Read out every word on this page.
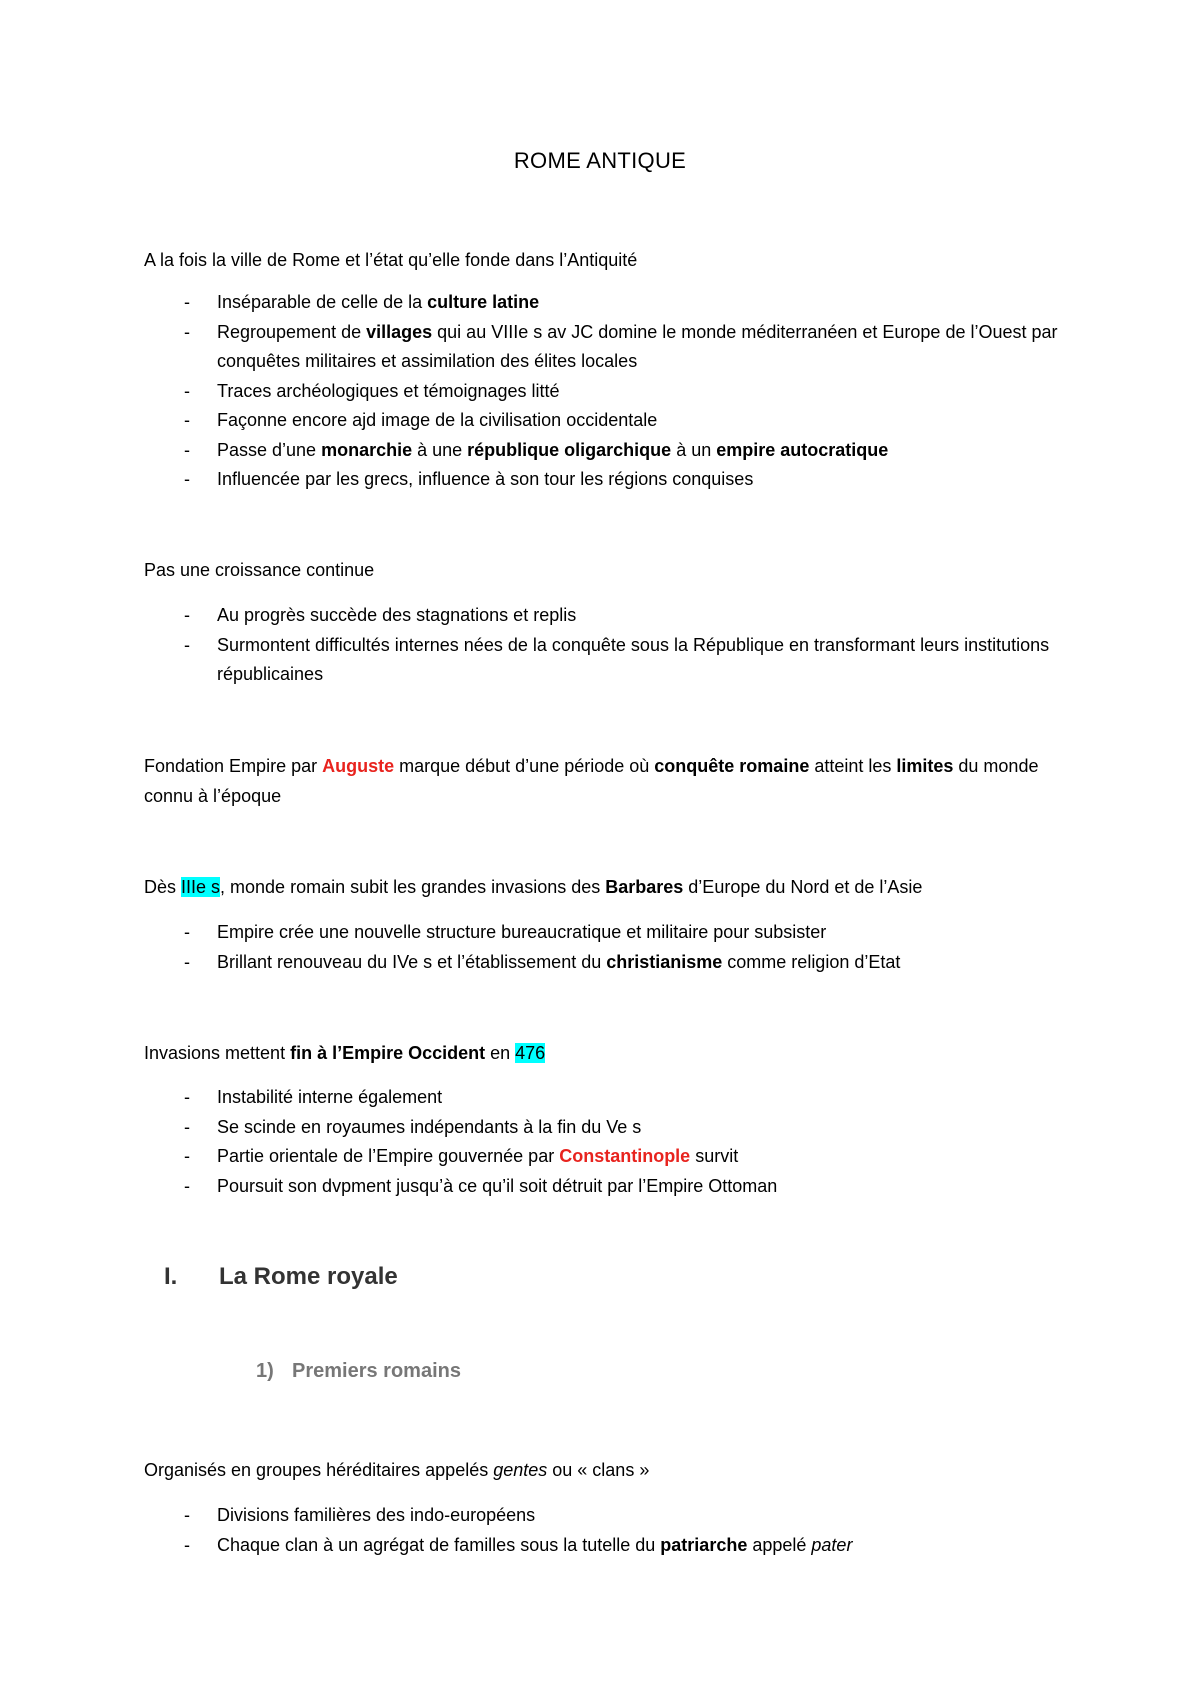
ROME ANTIQUE
A la fois la ville de Rome et l’état qu’elle fonde dans l’Antiquité
- Inséparable de celle de la culture latine
- Regroupement de villages qui au VIIIe s av JC domine le monde méditerranéen et Europe de l’Ouest par conquêtes militaires et assimilation des élites locales
- Traces archéologiques et témoignages litté
- Façonne encore ajd image de la civilisation occidentale
- Passe d’une monarchie à une république oligarchique à un empire autocratique
- Influencée par les grecs, influence à son tour les régions conquises
Pas une croissance continue
- Au progrès succède des stagnations et replis
- Surmontent difficultés internes nées de la conquête sous la République en transformant leurs institutions républicaines
Fondation Empire par Auguste marque début d’une période où conquête romaine atteint les limites du monde connu à l’époque
Dès IIIe s, monde romain subit les grandes invasions des Barbares d’Europe du Nord et de l’Asie
- Empire crée une nouvelle structure bureaucratique et militaire pour subsister
- Brillant renouveau du IVe s et l’établissement du christianisme comme religion d’Etat
Invasions mettent fin à l’Empire Occident en 476
- Instabilité interne également
- Se scinde en royaumes indépendants à la fin du Ve s
- Partie orientale de l’Empire gouvernée par Constantinople survit
- Poursuit son dvpment jusqu’à ce qu’il soit détruit par l’Empire Ottoman
I. La Rome royale
1) Premiers romains
Organisés en groupes héréditaires appelés gentes ou « clans »
- Divisions familières des indo-européens
- Chaque clan à un agrégat de familles sous la tutelle du patriarche appelé pater
